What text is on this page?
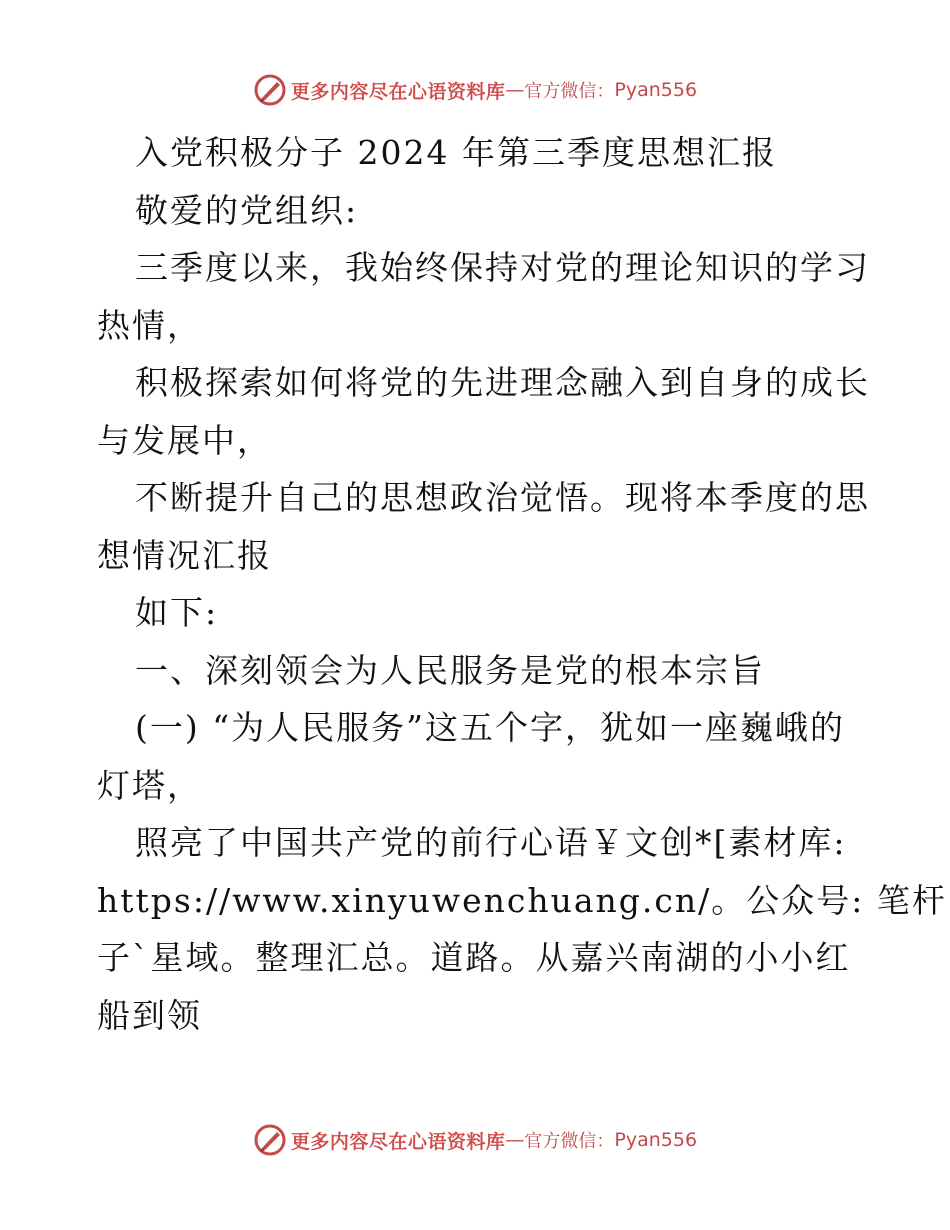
更多内容尽在心语资料库 — 官方微信： Pyan556
入党积极分子 2024 年第三季度思想汇报
敬爱的党组织:
三季度以来，我始终保持对党的理论知识的学习
热情，
积极探索如何将党的先进理念融入到自身的成长
与发展中，
不断提升自己的思想政治觉悟。现将本季度的思
想情况汇报
如下:
一、深刻领会为人民服务是党的根本宗旨
(一) “为人民服务”这五个字，犹如一座巍峨的
灯塔，
照亮了中国共产党的前行心语￥文创*[素材库:
https://www.xinyuwenchuang.cn/。公众号: 笔杆
子`星域。整理汇总。道路。从嘉兴南湖的小小红
船到领
更多内容尽在心语资料库 — 官方微信： Pyan556
